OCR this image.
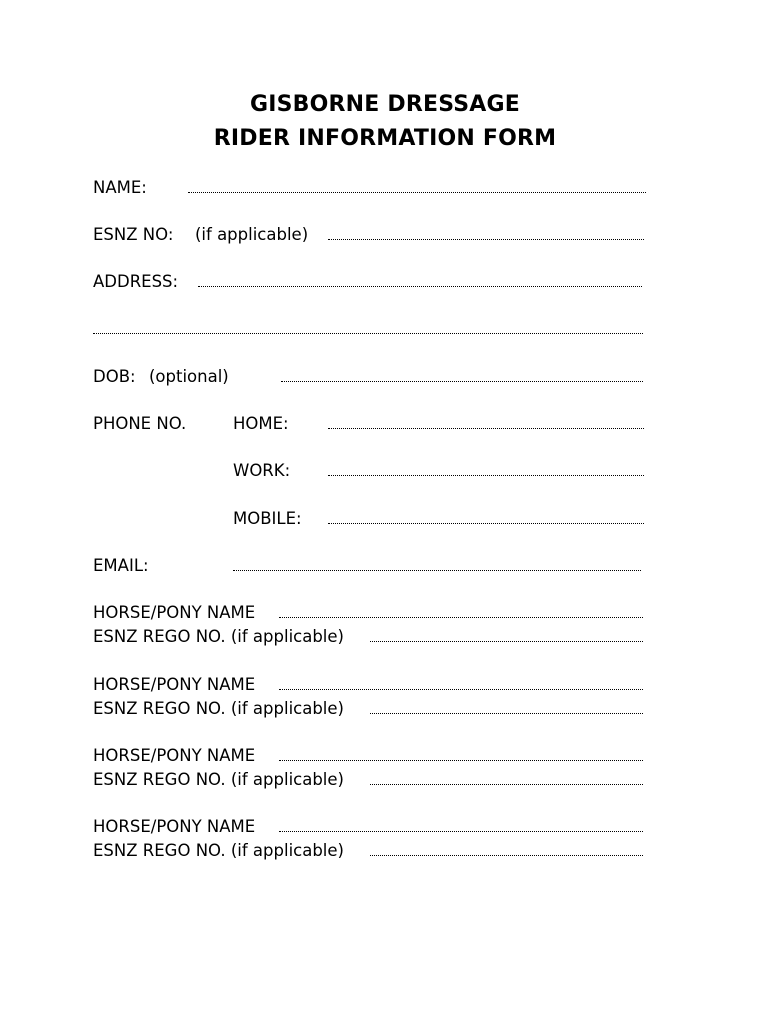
GISBORNE DRESSAGE
RIDER INFORMATION FORM
NAME:
ESNZ NO: (if applicable)
ADDRESS:
DOB: (optional)
PHONE NO.	HOME:
WORK:
MOBILE:
EMAIL:
HORSE/PONY NAME
ESNZ REGO NO. (if applicable)
HORSE/PONY NAME
ESNZ REGO NO. (if applicable)
HORSE/PONY NAME
ESNZ REGO NO. (if applicable)
HORSE/PONY NAME
ESNZ REGO NO. (if applicable)
